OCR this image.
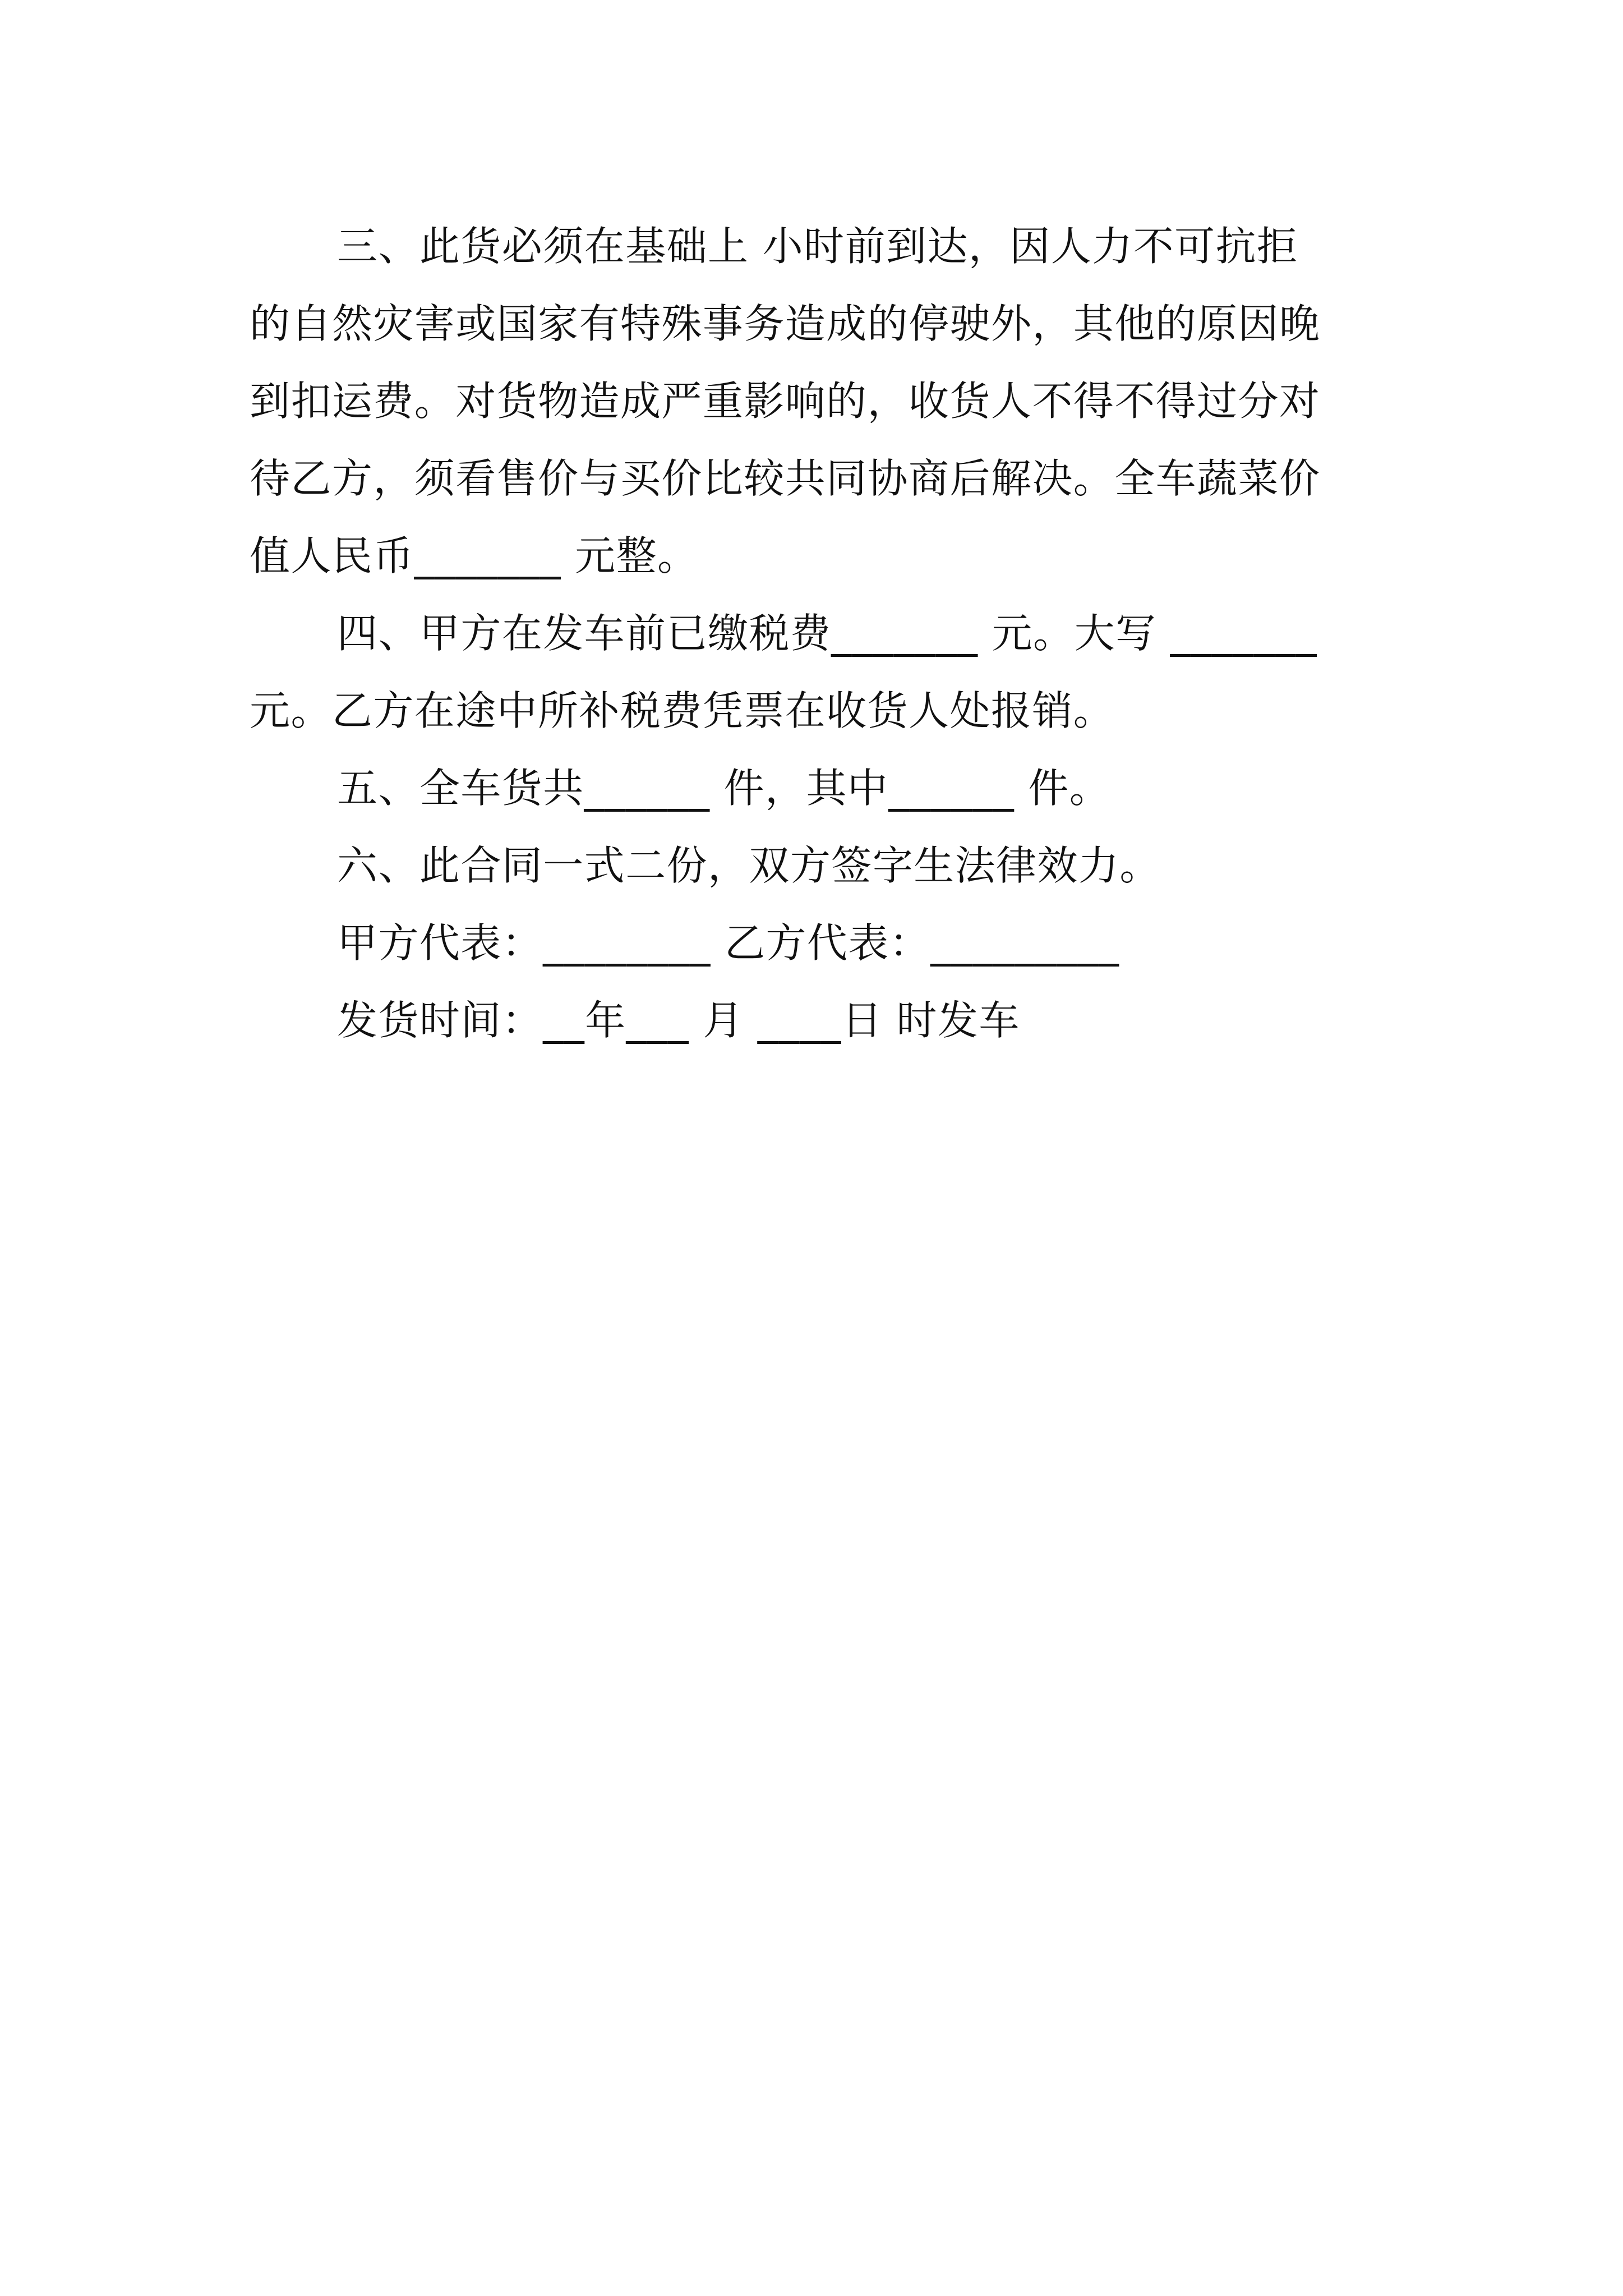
三、此货必须在基础上 小时前到达，因人力不可抗拒
的自然灾害或国家有特殊事务造成的停驶外，其他的原因晚
到扣运费。对货物造成严重影响的，收货人不得不得过分对
待乙方，须看售价与买价比较共同协商后解决。全车蔬菜价
值人民币_______ 元整。
四、甲方在发车前已缴税费_______ 元。大写 _______
元。乙方在途中所补税费凭票在收货人处报销。
五、全车货共______ 件，其中______ 件。
六、此合同一式二份，双方签字生法律效力。
甲方代表：________ 乙方代表：_________
发货时间：__年___ 月 ____日 时发车
